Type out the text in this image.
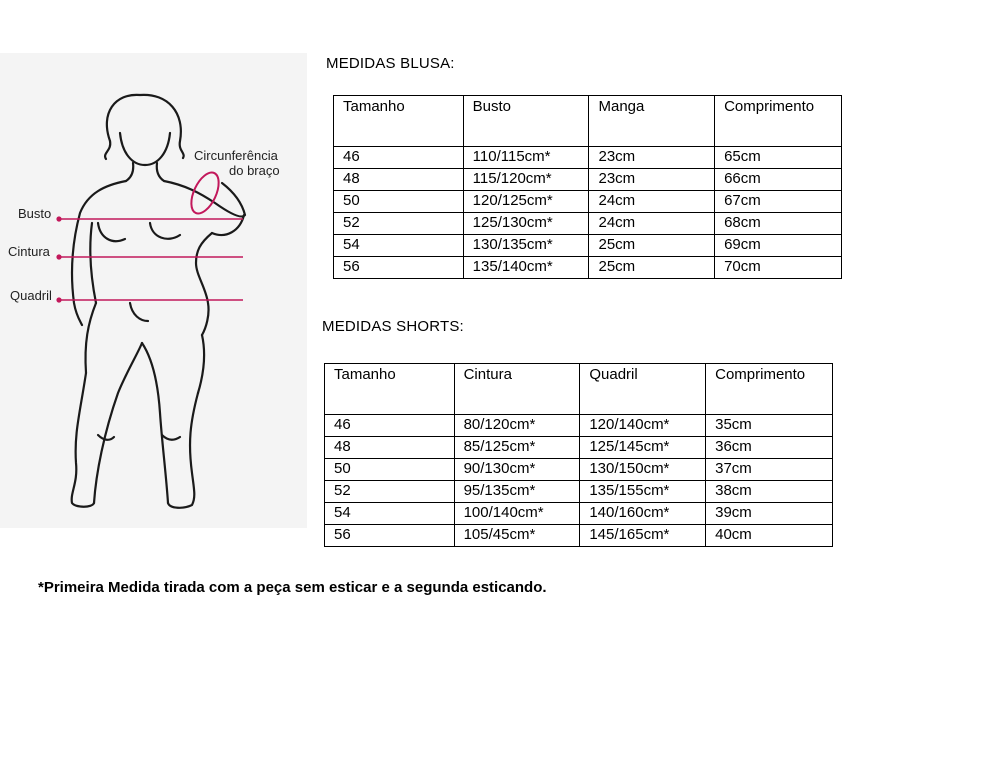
Circunferência
do braço
Busto
Cintura
Quadril
MEDIDAS BLUSA:
Tamanho	Busto	Manga	Comprimento
46	110/115cm*	23cm	65cm
48	115/120cm*	23cm	66cm
50	120/125cm*	24cm	67cm
52	125/130cm*	24cm	68cm
54	130/135cm*	25cm	69cm
56	135/140cm*	25cm	70cm
MEDIDAS SHORTS:
Tamanho	Cintura	Quadril	Comprimento
46	80/120cm*	120/140cm*	35cm
48	85/125cm*	125/145cm*	36cm
50	90/130cm*	130/150cm*	37cm
52	95/135cm*	135/155cm*	38cm
54	100/140cm*	140/160cm*	39cm
56	105/45cm*	145/165cm*	40cm
*Primeira Medida tirada com a peça sem esticar e a segunda esticando.
